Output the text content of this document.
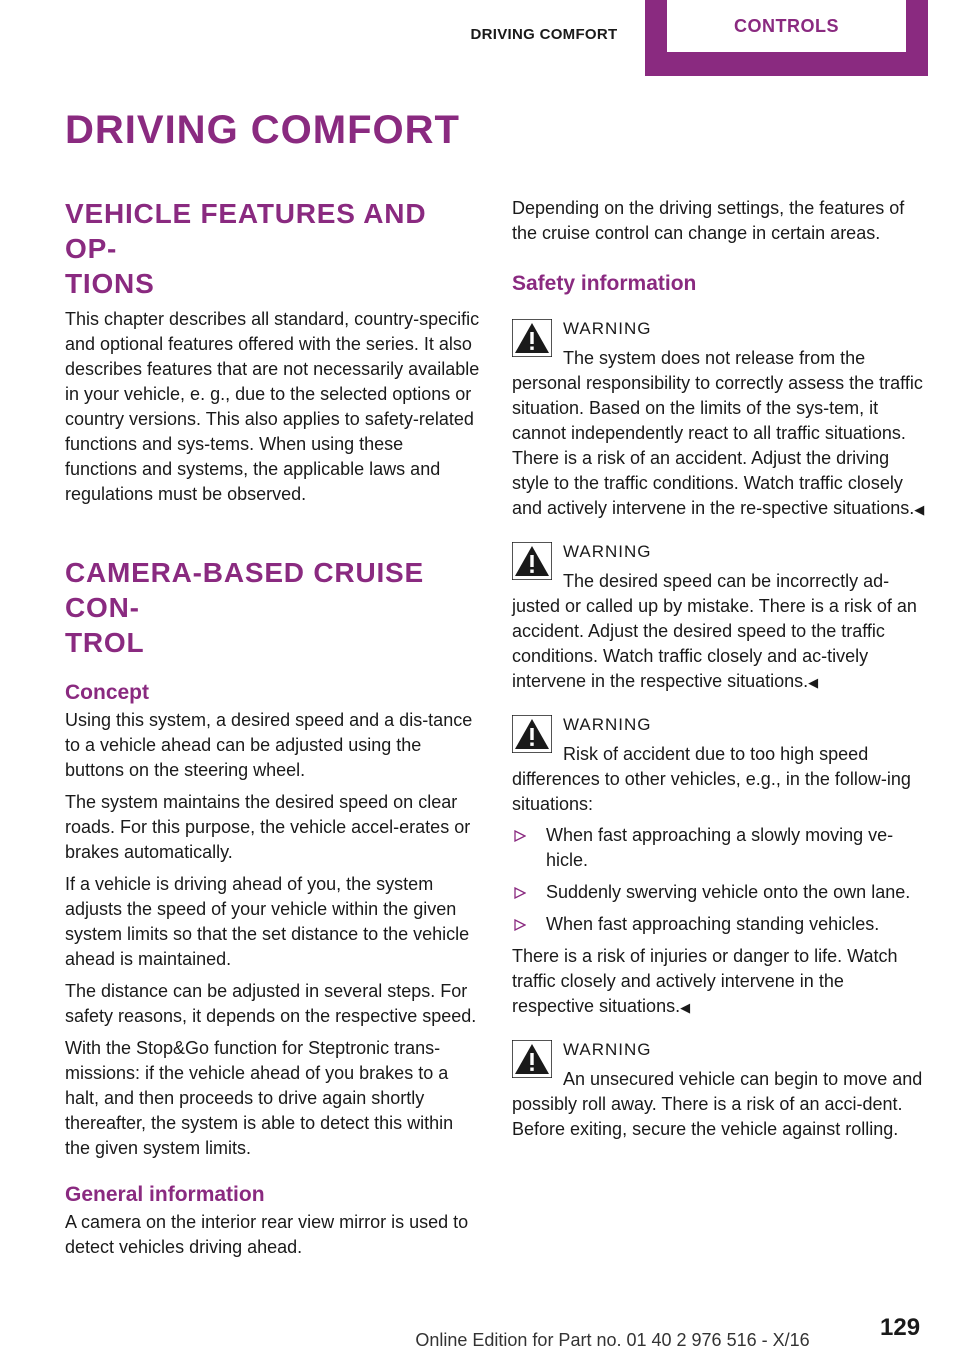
DRIVING COMFORT	CONTROLS
DRIVING COMFORT
VEHICLE FEATURES AND OP‐
TIONS

This chapter describes all standard, country-specific and optional features offered with the series. It also describes features that are not necessarily available in your vehicle, e. g., due to the selected options or country versions. This also applies to safety-related functions and sys‐tems. When using these functions and systems, the applicable laws and regulations must be observed.

CAMERA-BASED CRUISE CON‐
TROL
Concept

Using this system, a desired speed and a dis‐tance to a vehicle ahead can be adjusted using the buttons on the steering wheel.

The system maintains the desired speed on clear roads. For this purpose, the vehicle accel‐erates or brakes automatically.

If a vehicle is driving ahead of you, the system adjusts the speed of your vehicle within the given system limits so that the set distance to the vehicle ahead is maintained.

The distance can be adjusted in several steps. For safety reasons, it depends on the respective speed.

With the Stop&Go function for Steptronic trans‐missions: if the vehicle ahead of you brakes to a halt, and then proceeds to drive again shortly thereafter, the system is able to detect this within the given system limits.

General information

A camera on the interior rear view mirror is used to detect vehicles driving ahead.

Depending on the driving settings, the features of the cruise control can change in certain areas.

Safety information
WARNING

The system does not release from the personal responsibility to correctly assess the traffic situation. Based on the limits of the sys‐tem, it cannot independently react to all traffic situations. There is a risk of an accident. Adjust the driving style to the traffic conditions. Watch traffic closely and actively intervene in the re‐spective situations.◀

WARNING

The desired speed can be incorrectly ad‐justed or called up by mistake. There is a risk of an accident. Adjust the desired speed to the traffic conditions. Watch traffic closely and ac‐tively intervene in the respective situations.◀

WARNING

Risk of accident due to too high speed differences to other vehicles, e.g., in the follow‐ing situations:

When fast approaching a slowly moving ve‐hicle.
Suddenly swerving vehicle onto the own lane.
When fast approaching standing vehicles.

There is a risk of injuries or danger to life. Watch traffic closely and actively intervene in the respective situations.◀

WARNING

An unsecured vehicle can begin to move and possibly roll away. There is a risk of an acci‐dent. Before exiting, secure the vehicle against rolling.

Online Edition for Part no. 01 40 2 976 516 - X/16	129
